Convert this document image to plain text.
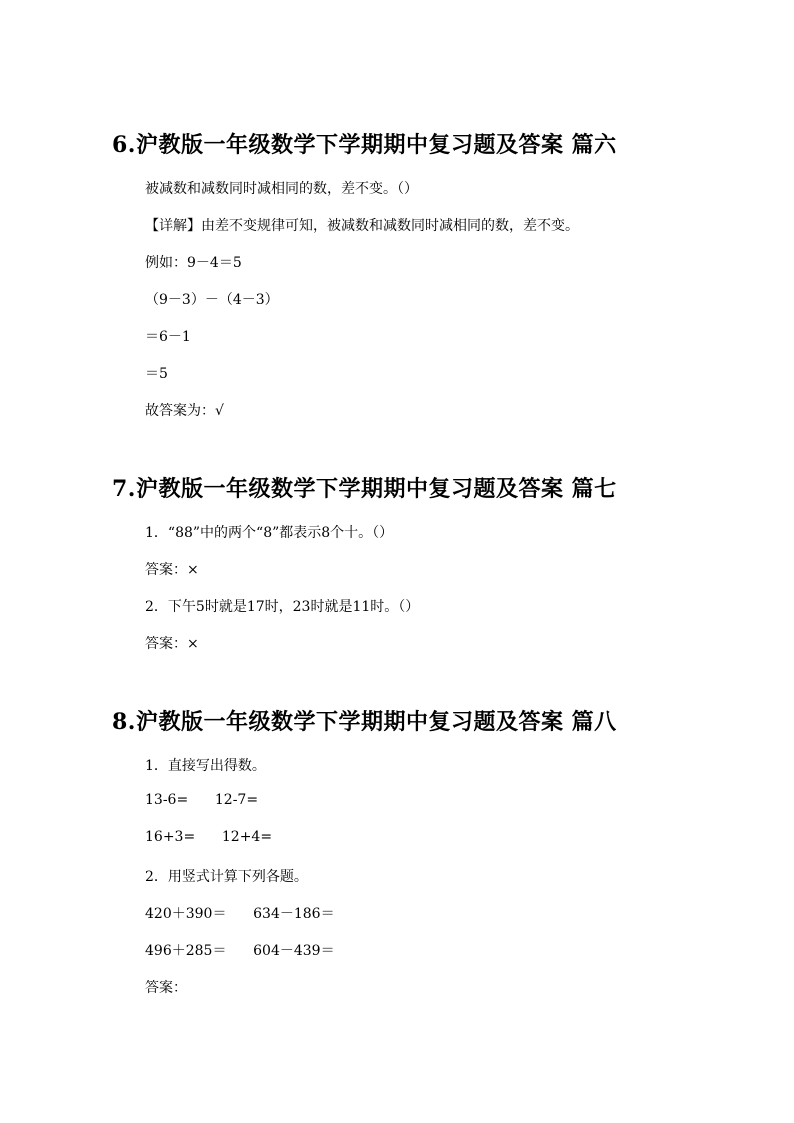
6.沪教版一年级数学下学期期中复习题及答案 篇六
被减数和减数同时减相同的数，差不变。（）
【详解】由差不变规律可知，被减数和减数同时减相同的数，差不变。
例如：9－4＝5
（9－3）－（4－3）
＝6－1
＝5
故答案为：√
7.沪教版一年级数学下学期期中复习题及答案 篇七
1．“88”中的两个“8”都表示8个十。（）
答案：×
2．下午5时就是17时，23时就是11时。（）
答案：×
8.沪教版一年级数学下学期期中复习题及答案 篇八
1．直接写出得数。
13-6=      12-7=
16+3=      12+4=
2．用竖式计算下列各题。
420＋390＝      634－186＝
496＋285＝      604－439＝
答案：
